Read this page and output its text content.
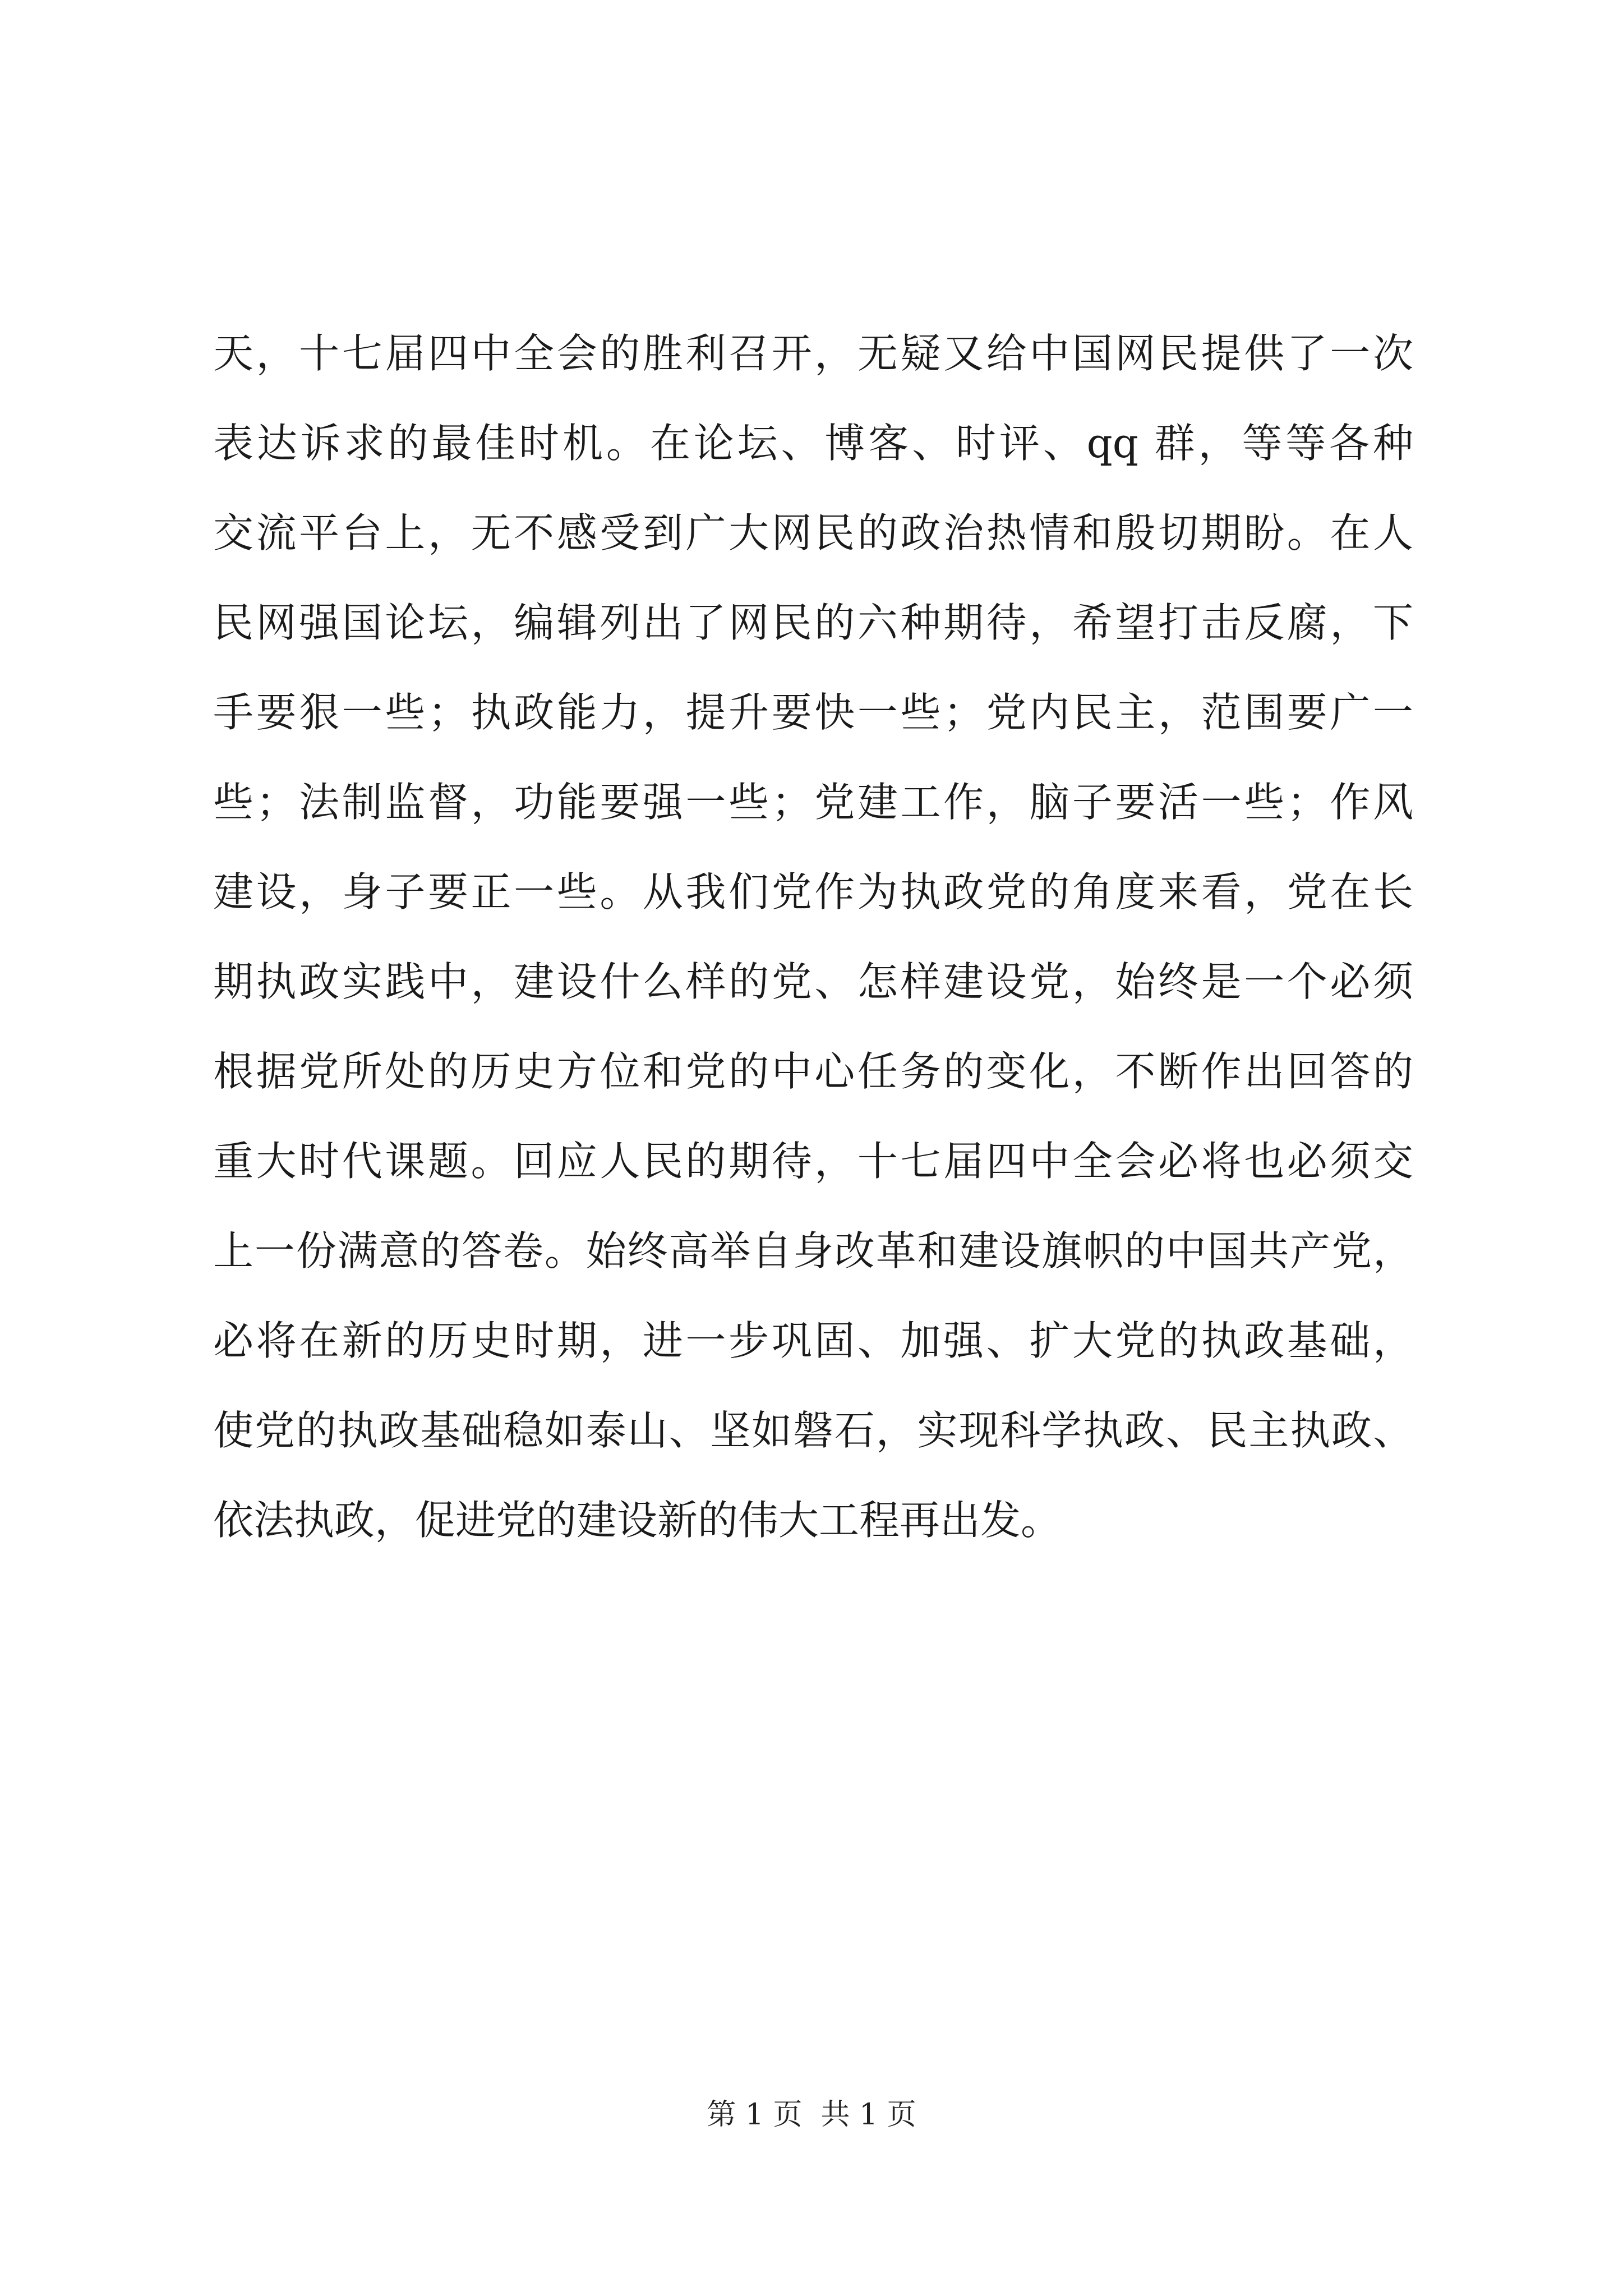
天，十七届四中全会的胜利召开，无疑又给中国网民提供了一次
表达诉求的最佳时机。在论坛、博客、时评、qq 群，等等各种
交流平台上，无不感受到广大网民的政治热情和殷切期盼。在人
民网强国论坛，编辑列出了网民的六种期待，希望打击反腐，下
手要狠一些；执政能力，提升要快一些；党内民主，范围要广一
些；法制监督，功能要强一些；党建工作，脑子要活一些；作风
建设，身子要正一些。从我们党作为执政党的角度来看，党在长
期执政实践中，建设什么样的党、怎样建设党，始终是一个必须
根据党所处的历史方位和党的中心任务的变化，不断作出回答的
重大时代课题。回应人民的期待，十七届四中全会必将也必须交
上一份满意的答卷。始终高举自身改革和建设旗帜的中国共产党，
必将在新的历史时期，进一步巩固、加强、扩大党的执政基础，
使党的执政基础稳如泰山、坚如磐石，实现科学执政、民主执政、
依法执政，促进党的建设新的伟大工程再出发。
第 1 页  共 1 页
